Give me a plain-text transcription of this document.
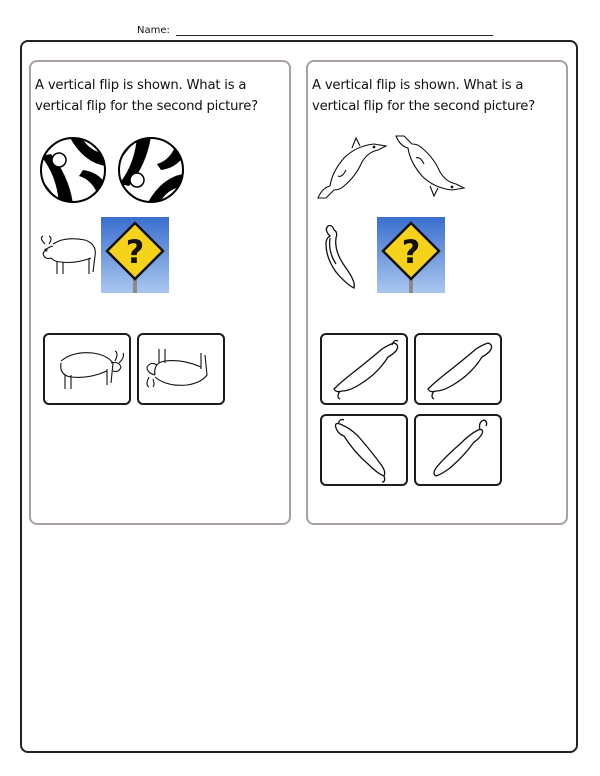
Name:
A vertical flip is shown. What is a vertical flip for the second picture?
?
A vertical flip is shown. What is a vertical flip for the second picture?
?
